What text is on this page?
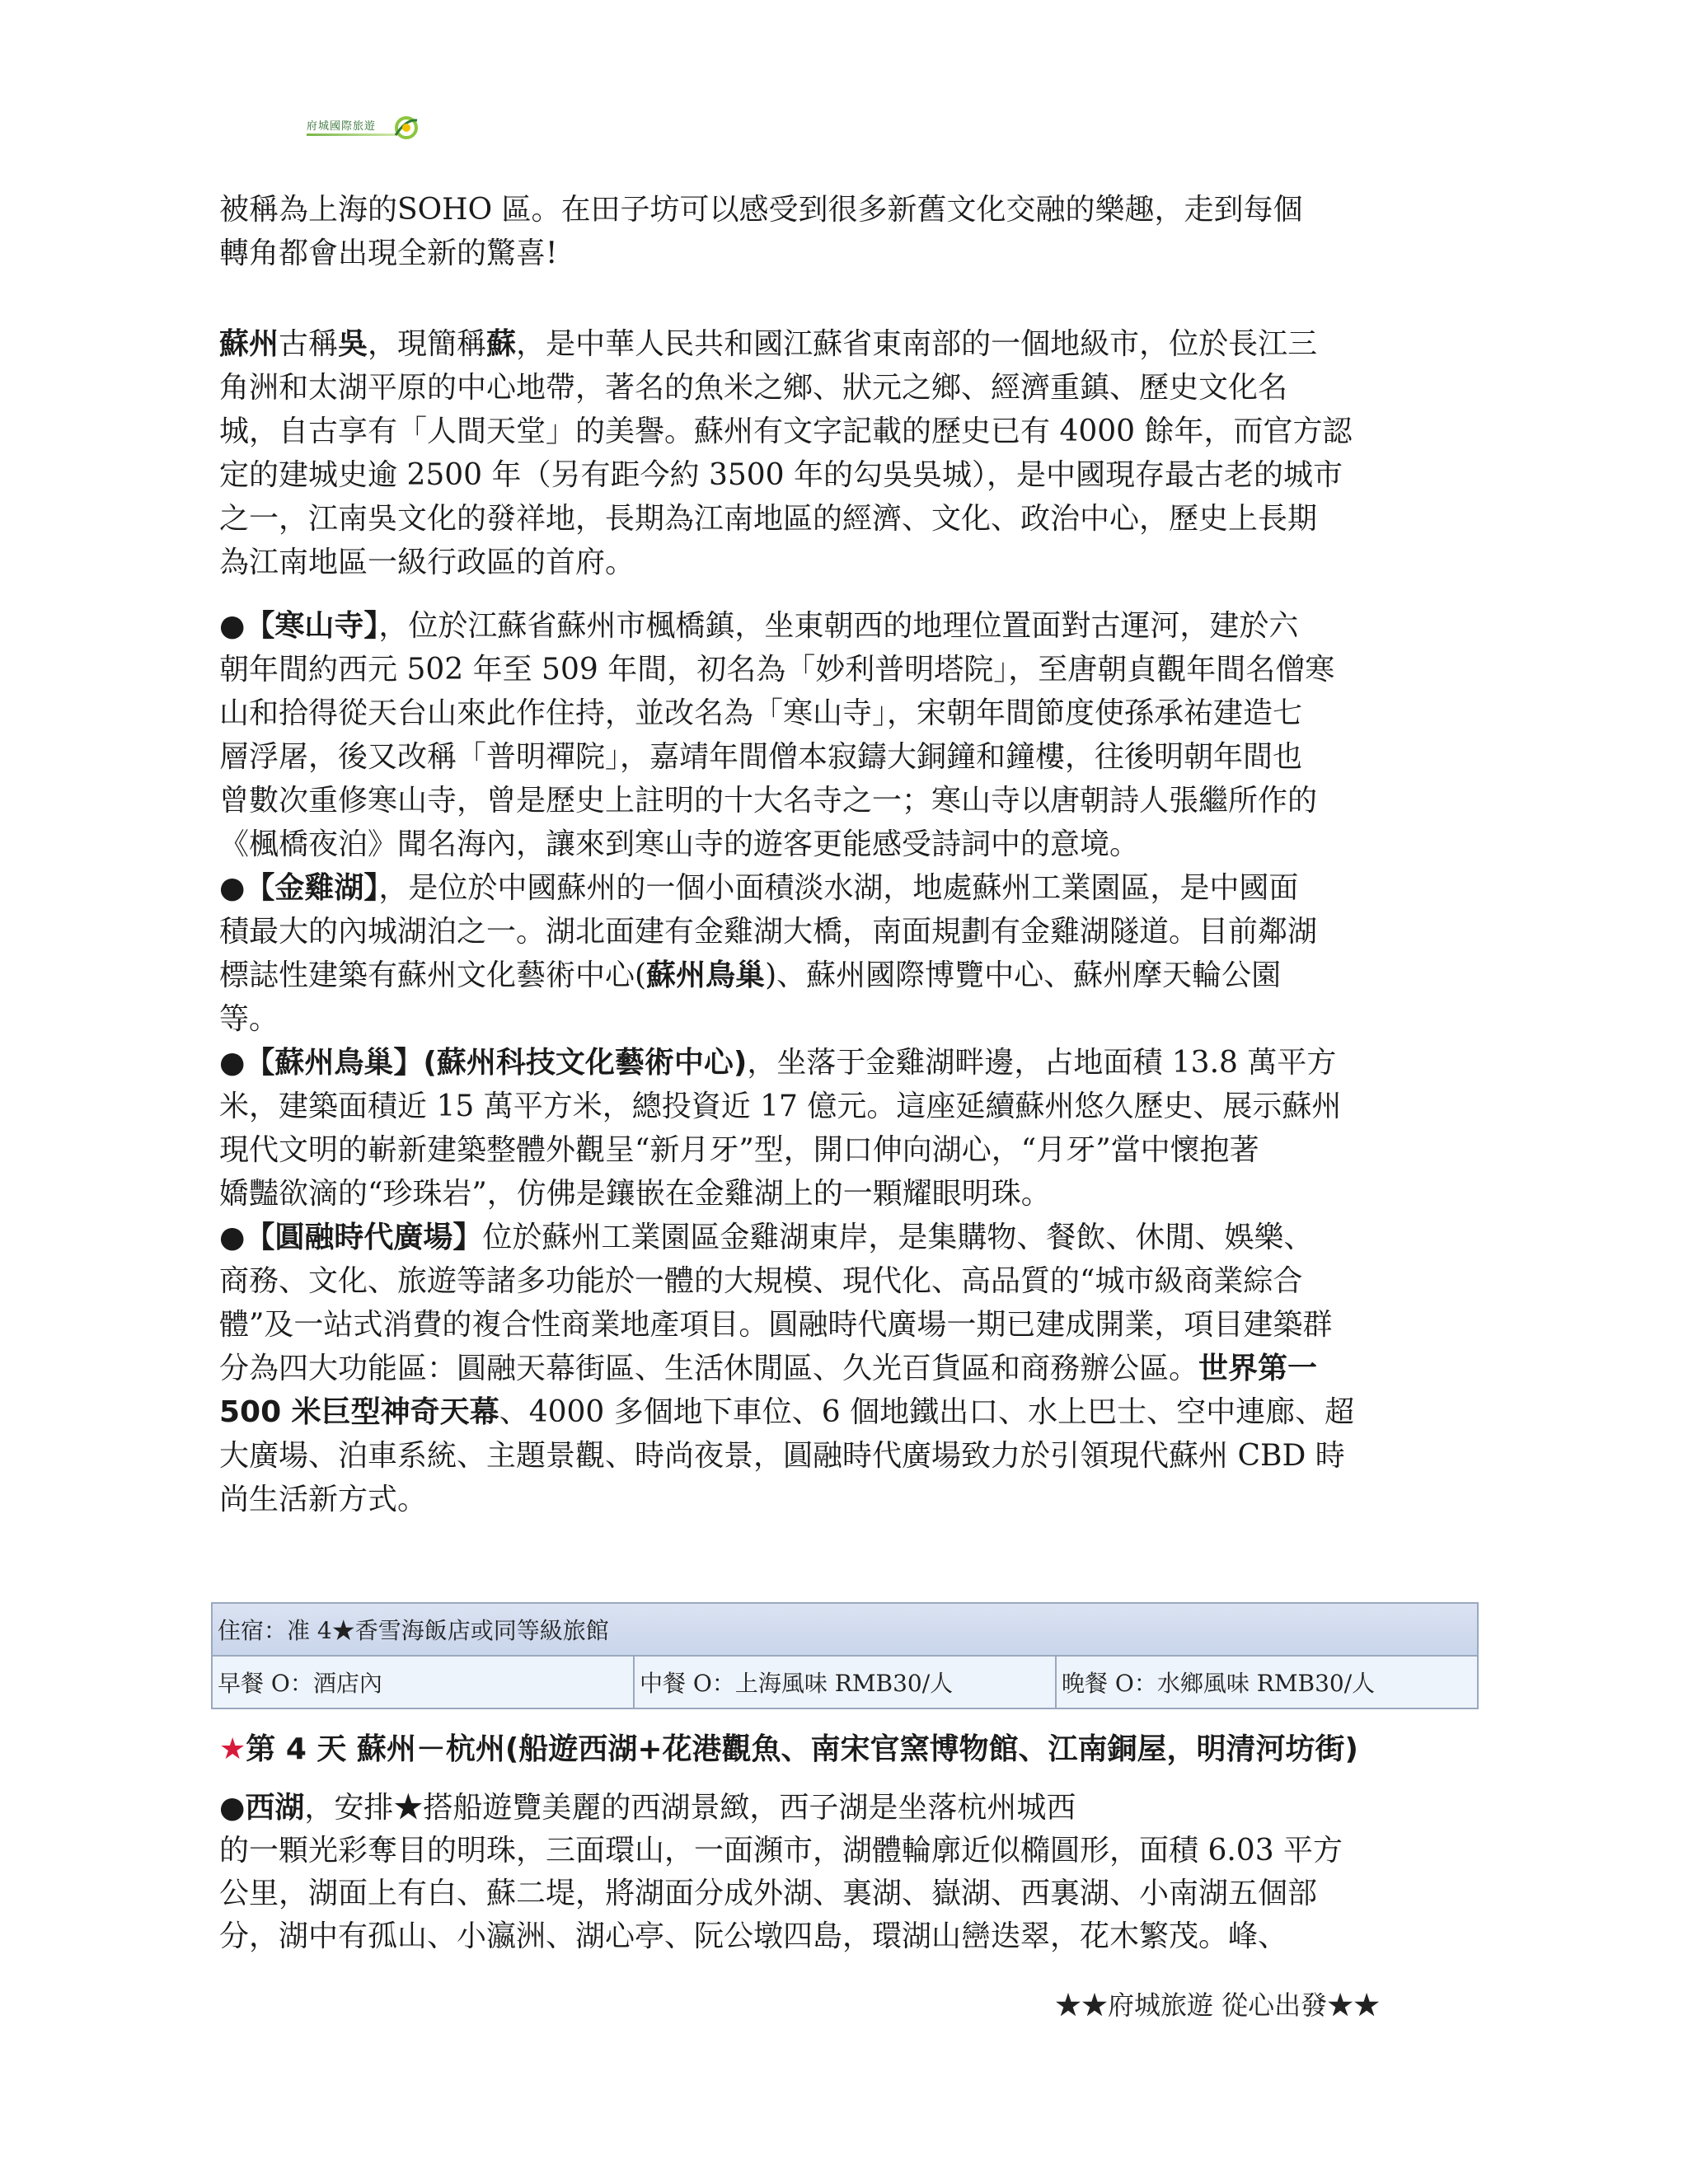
府城國際旅遊

被稱為上海的SOHO 區。在田子坊可以感受到很多新舊文化交融的樂趣，走到每個

轉角都會出現全新的驚喜!

蘇州古稱吳，現簡稱蘇，是中華人民共和國江蘇省東南部的一個地級市，位於長江三

角洲和太湖平原的中心地帶，著名的魚米之鄉、狀元之鄉、經濟重鎮、歷史文化名

城，自古享有「人間天堂」的美譽。蘇州有文字記載的歷史已有 4000 餘年，而官方認

定的建城史逾 2500 年（另有距今約 3500 年的勾吳吳城），是中國現存最古老的城市

之一，江南吳文化的發祥地，長期為江南地區的經濟、文化、政治中心，歷史上長期

為江南地區一級行政區的首府。

●【寒山寺】，位於江蘇省蘇州市楓橋鎮，坐東朝西的地理位置面對古運河，建於六

朝年間約西元 502 年至 509 年間，初名為「妙利普明塔院」，至唐朝貞觀年間名僧寒

山和拾得從天台山來此作住持，並改名為「寒山寺」，宋朝年間節度使孫承祐建造七

層浮屠，後又改稱「普明禪院」，嘉靖年間僧本寂鑄大銅鐘和鐘樓，往後明朝年間也

曾數次重修寒山寺，曾是歷史上註明的十大名寺之一；寒山寺以唐朝詩人張繼所作的

《楓橋夜泊》聞名海內，讓來到寒山寺的遊客更能感受詩詞中的意境。

●【金雞湖】，是位於中國蘇州的一個小面積淡水湖，地處蘇州工業園區，是中國面

積最大的內城湖泊之一。湖北面建有金雞湖大橋，南面規劃有金雞湖隧道。目前鄰湖

標誌性建築有蘇州文化藝術中心(蘇州鳥巢)、蘇州國際博覽中心、蘇州摩天輪公園

等。

●【蘇州鳥巢】(蘇州科技文化藝術中心)，坐落于金雞湖畔邊，占地面積 13.8 萬平方

米，建築面積近 15 萬平方米，總投資近 17 億元。這座延續蘇州悠久歷史、展示蘇州

現代文明的嶄新建築整體外觀呈“新月牙”型，開口伸向湖心，“月牙”當中懷抱著

嬌豔欲滴的“珍珠岩”，仿佛是鑲嵌在金雞湖上的一顆耀眼明珠。

●【圓融時代廣場】位於蘇州工業園區金雞湖東岸，是集購物、餐飲、休閒、娛樂、

商務、文化、旅遊等諸多功能於一體的大規模、現代化、高品質的“城市級商業綜合

體”及一站式消費的複合性商業地產項目。圓融時代廣場一期已建成開業，項目建築群

分為四大功能區：圓融天幕街區、生活休閒區、久光百貨區和商務辦公區。世界第一

500 米巨型神奇天幕、4000 多個地下車位、6 個地鐵出口、水上巴士、空中連廊、超

大廣場、泊車系統、主題景觀、時尚夜景，圓融時代廣場致力於引領現代蘇州 CBD 時

尚生活新方式。

住宿：准 4★香雪海飯店或同等級旅館
早餐 O：酒店內	中餐 O：上海風味 RMB30/人	晚餐 O：水鄉風味 RMB30/人
★第 4 天 蘇州－杭州(船遊西湖+花港觀魚、南宋官窯博物館、江南銅屋，明清河坊街)

●西湖，安排★搭船遊覽美麗的西湖景緻，西子湖是坐落杭州城西

的一顆光彩奪目的明珠，三面環山，一面瀕市，湖體輪廓近似橢圓形，面積 6.03 平方

公里，湖面上有白、蘇二堤，將湖面分成外湖、裏湖、嶽湖、西裏湖、小南湖五個部

分，湖中有孤山、小瀛洲、湖心亭、阮公墩四島，環湖山巒迭翠，花木繁茂。峰、

★★府城旅遊 從心出發★★
